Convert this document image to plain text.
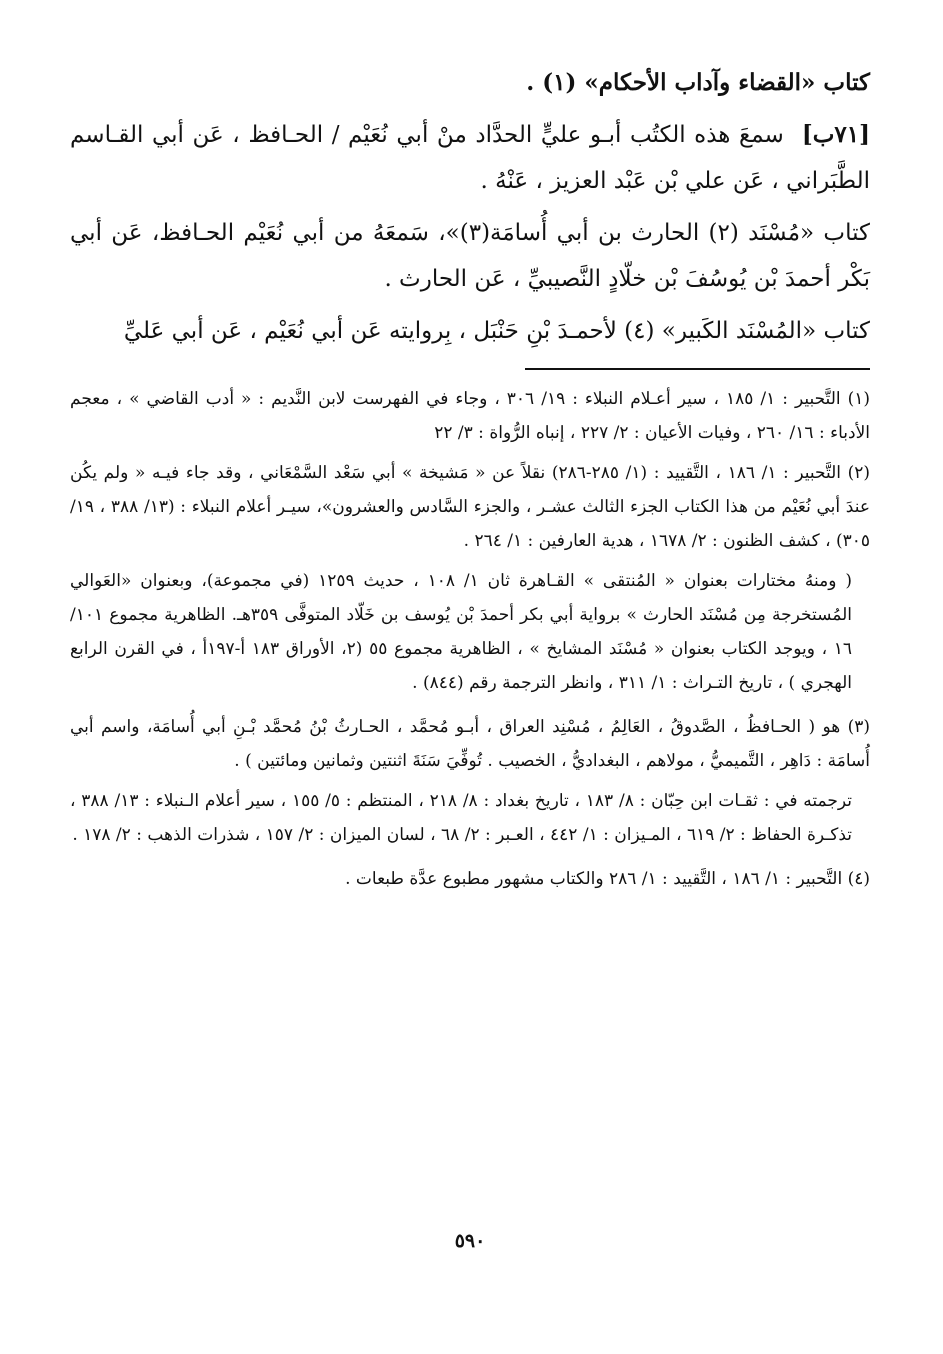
كتاب «القضاء وآداب الأحكام» (١) .

[٧١ب]سمعَ هذه الكتُب أبـو عليٍّ الحدَّاد منْ أبي نُعَيْم / الحـافظ ، عَن أبي القـاسم الطَّبَراني ، عَن علي بْن عَبْد العزيز ، عَنْهُ .

كتاب «مُسْنَد (٢) الحارث بن أبي أُسامَة(٣)»، سَمعَهُ من أبي نُعَيْم الحـافظ، عَن أبي بَكْر أحمدَ بْن يُوسُفَ بْن خلّادٍ النَّصيبيِّ ، عَن الحارث .

كتاب «المُسْنَد الكَبير» (٤) لأحمـدَ بْنِ حَنْبَل ، بِروايته عَن أبي نُعَيْم ، عَن أبي عَليِّ

(١) التَّحبير : ١/ ١٨٥ ، سير أعـلام النبلاء : ١٩/ ٣٠٦ ، وجاء في الفهرست لابن النَّديم : « أدب القاضي » ، معجم الأدباء : ١٦/ ٢٦٠ ، وفيات الأعيان : ٢/ ٢٢٧ ، إنباه الرُّواة : ٣/ ٢٢

(٢) التَّحبير : ١/ ١٨٦ ، التَّقييد : (١/ ٢٨٥-٢٨٦) نقلاً عن « مَشيخة » أبي سَعْد السَّمْعَاني ، وقد جاء فيـه « ولم يكُن عندَ أبي نُعَيْم من هذا الكتاب الجزء الثالث عشـر ، والجزء السَّادس والعشرون»، سيـر أعلام النبلاء : (١٣/ ٣٨٨ ، ١٩/ ٣٠٥) ، كشف الظنون : ٢/ ١٦٧٨ ، هدية العارفين : ١/ ٢٦٤ .

( ومنهُ مختارات بعنوان « المُنتقى » القـاهرة ثان ١/ ١٠٨ ، حديث ١٢٥٩ (في مجموعة)، وبعنوان «العَوالي المُستخرجة مِن مُسْنَد الحارث » برواية أبي بكر أحمدَ بْن يُوسف بن خَلّاد المتوفَّى ٣٥٩هـ. الظاهرية مجموع ١٠١/ ١٦ ، ويوجد الكتاب بعنوان « مُسْنَد المشايخ » ، الظاهرية مجموع ٥٥ (٢، الأوراق ١٨٣ أ-١٩٧أ ، في القرن الرابع الهجري ) ، تاريخ التـراث : ١/ ٣١١ ، وانظر الترجمة رقم (٨٤٤) .

(٣) هو ( الحـافظُ ، الصَّدوقُ ، العَالِمُ ، مُسْنِد العراق ، أبـو مُحمَّد ، الحـارثُ بْنُ مُحمَّد بْـنِ أبي أُسامَة، واسم أبي أُسامَة : دَاهِر ، التَّميميُّ ، مولاهم ، البغداديُّ ، الخصيب . تُوفِّيَ سَنَةَ اثنتين وثمانين ومائتين ) .

ترجمته في : ثقـات ابن حِبّان : ٨/ ١٨٣ ، تاريخ بغداد : ٨/ ٢١٨ ، المنتظم : ٥/ ١٥٥ ، سير أعلام الـنبلاء : ١٣/ ٣٨٨ ، تذكـرة الحفاظ : ٢/ ٦١٩ ، المـيزان : ١/ ٤٤٢ ، العـبر : ٢/ ٦٨ ، لسان الميزان : ٢/ ١٥٧ ، شذرات الذهب : ٢/ ١٧٨ .

(٤) التَّحبير : ١/ ١٨٦ ، التَّقييد : ١/ ٢٨٦ والكتاب مشهور مطبوع عدَّة طبعات .

٥٩٠
